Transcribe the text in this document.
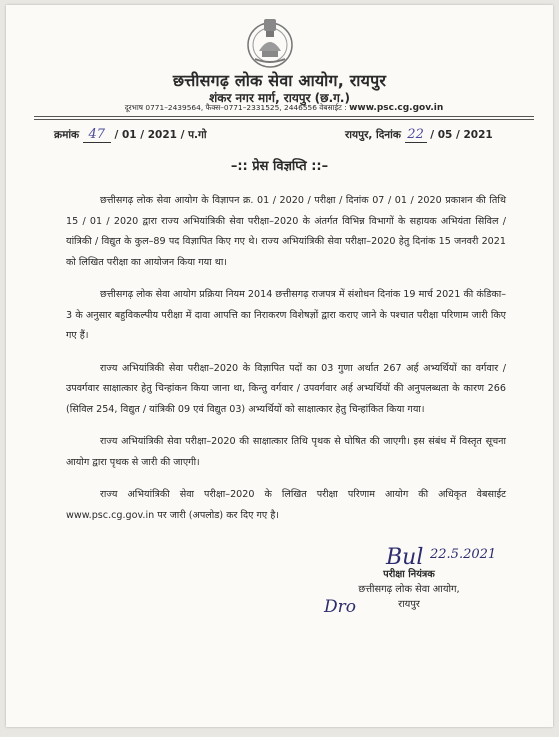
छत्तीसगढ़ लोक सेवा आयोग, रायपुर
शंकर नगर मार्ग, रायपुर (छ.ग.)
दूरभाष 0771–2439564, फैक्स–0771–2331525, 2446556 वेबसाईट : www.psc.cg.gov.in
क्रमांक 47 / 01 / 2021 / प.गो	रायपुर, दिनांक 22 / 05 / 2021
–:: प्रेस विज्ञप्ति ::–

छत्तीसगढ़ लोक सेवा आयोग के विज्ञापन क्र. 01 / 2020 / परीक्षा / दिनांक 07 / 01 / 2020 प्रकाशन की तिथि 15 / 01 / 2020 द्वारा राज्य अभियांत्रिकी सेवा परीक्षा–2020 के अंतर्गत विभिन्न विभागों के सहायक अभियंता सिविल / यांत्रिकी / विद्युत के कुल–89 पद विज्ञापित किए गए थे। राज्य अभियांत्रिकी सेवा परीक्षा–2020 हेतु दिनांक 15 जनवरी 2021 को लिखित परीक्षा का आयोजन किया गया था।

छत्तीसगढ़ लोक सेवा आयोग प्रक्रिया नियम 2014 छत्तीसगढ़ राजपत्र में संशोधन दिनांक 19 मार्च 2021 की कंडिका–3 के अनुसार बहुविकल्पीय परीक्षा में दावा आपत्ति का निराकरण विशेषज्ञों द्वारा कराए जाने के पश्चात परीक्षा परिणाम जारी किए गए हैं।

राज्य अभियांत्रिकी सेवा परीक्षा–2020 के विज्ञापित पदों का 03 गुणा अर्थात 267 अर्ह अभ्यर्थियों का वर्गवार / उपवर्गवार साक्षात्कार हेतु चिन्हांकन किया जाना था, किन्तु वर्गवार / उपवर्गवार अर्ह अभ्यर्थियों की अनुपलब्धता के कारण 266 (सिविल 254, विद्युत / यांत्रिकी 09 एवं विद्युत 03) अभ्यर्थियों को साक्षात्कार हेतु चिन्हांकित किया गया।

राज्य अभियांत्रिकी सेवा परीक्षा–2020 की साक्षात्कार तिथि पृथक से घोषित की जाएगी। इस संबंध में विस्तृत सूचना आयोग द्वारा पृथक से जारी की जाएगी।

राज्य अभियांत्रिकी सेवा परीक्षा–2020 के लिखित परीक्षा परिणाम आयोग की अधिकृत वेबसाईट www.psc.cg.gov.in पर जारी (अपलोड) कर दिए गए है।

Bul 22.5.2021
परीक्षा नियंत्रक
छत्तीसगढ़ लोक सेवा आयोग,
रायपुर
Dro
